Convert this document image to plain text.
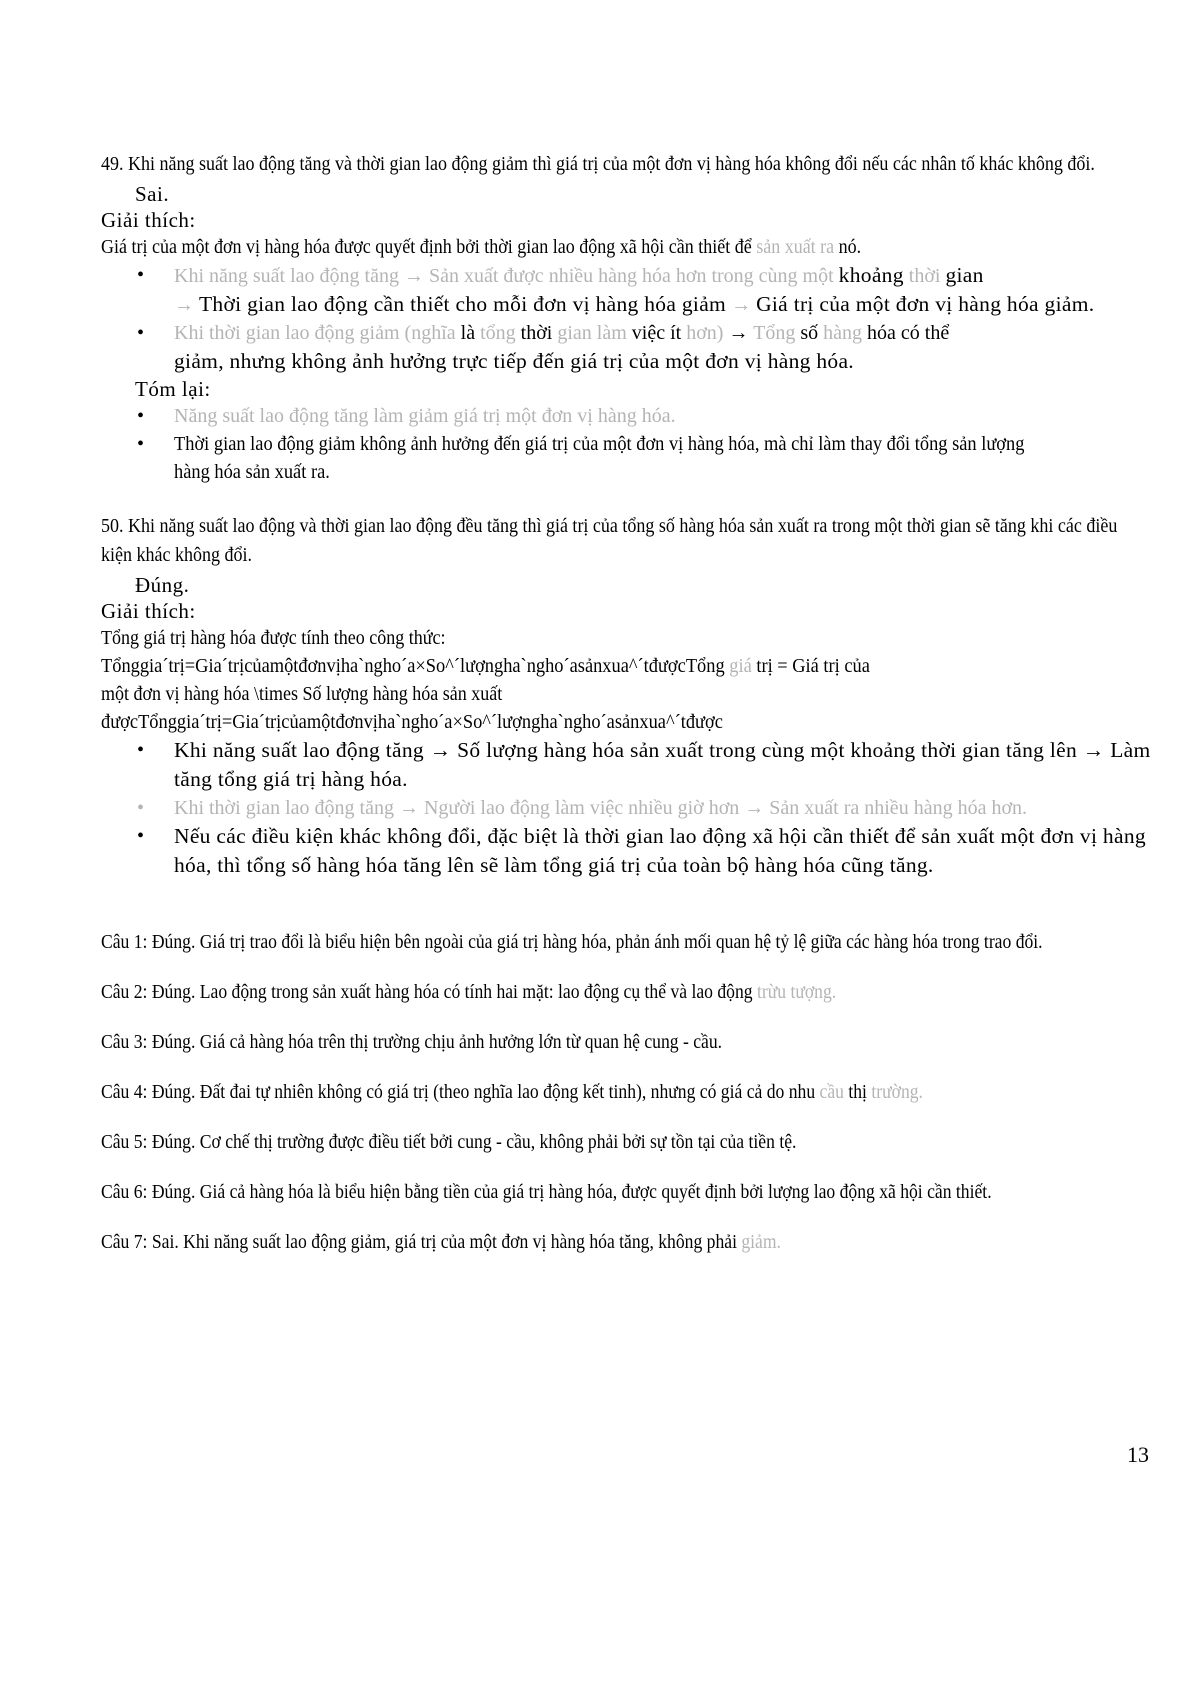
49. Khi năng suất lao động tăng và thời gian lao động giảm thì giá trị của một đơn vị hàng hóa không đổi nếu các nhân tố khác không đổi.

Sai.

Giải thích:

Giá trị của một đơn vị hàng hóa được quyết định bởi thời gian lao động xã hội cần thiết để sản xuất ra nó.

• Khi năng suất lao động tăng → Sản xuất được nhiều hàng hóa hơn trong cùng một khoảng thời gian
→ Thời gian lao động cần thiết cho mỗi đơn vị hàng hóa giảm → Giá trị của một đơn vị hàng hóa giảm.
• Khi thời gian lao động giảm (nghĩa là tổng thời gian làm việc ít hơn) → Tổng số hàng hóa có thể
giảm, nhưng không ảnh hưởng trực tiếp đến giá trị của một đơn vị hàng hóa.

Tóm lại:

• Năng suất lao động tăng làm giảm giá trị một đơn vị hàng hóa.
• Thời gian lao động giảm không ảnh hưởng đến giá trị của một đơn vị hàng hóa, mà chỉ làm thay đổi tổng sản lượng hàng hóa sản xuất ra.

50. Khi năng suất lao động và thời gian lao động đều tăng thì giá trị của tổng số hàng hóa sản xuất ra trong một thời gian sẽ tăng khi các điều kiện khác không đổi.

Đúng.

Giải thích:

Tổng giá trị hàng hóa được tính theo công thức:

Tổnggia´trị=Gia´trịcủamộtđơnvịha`ngho´a×So^´lượngha`ngho´asảnxua^´tđượcTổng giá trị = Giá trị của

một đơn vị hàng hóa \times Số lượng hàng hóa sản xuất

đượcTổnggia´trị=Gia´trịcủamộtđơnvịha`ngho´a×So^´lượngha`ngho´asảnxua^´tđược

• Khi năng suất lao động tăng → Số lượng hàng hóa sản xuất trong cùng một khoảng thời gian tăng lên → Làm tăng tổng giá trị hàng hóa.
• Khi thời gian lao động tăng → Người lao động làm việc nhiều giờ hơn → Sản xuất ra nhiều hàng hóa hơn.
• Nếu các điều kiện khác không đổi, đặc biệt là thời gian lao động xã hội cần thiết để sản xuất một đơn vị hàng hóa, thì tổng số hàng hóa tăng lên sẽ làm tổng giá trị của toàn bộ hàng hóa cũng tăng.

Câu 1: Đúng. Giá trị trao đổi là biểu hiện bên ngoài của giá trị hàng hóa, phản ánh mối quan hệ tỷ lệ giữa các hàng hóa trong trao đổi.

Câu 2: Đúng. Lao động trong sản xuất hàng hóa có tính hai mặt: lao động cụ thể và lao động trừu tượng.

Câu 3: Đúng. Giá cả hàng hóa trên thị trường chịu ảnh hưởng lớn từ quan hệ cung - cầu.

Câu 4: Đúng. Đất đai tự nhiên không có giá trị (theo nghĩa lao động kết tinh), nhưng có giá cả do nhu cầu thị trường.

Câu 5: Đúng. Cơ chế thị trường được điều tiết bởi cung - cầu, không phải bởi sự tồn tại của tiền tệ.

Câu 6: Đúng. Giá cả hàng hóa là biểu hiện bằng tiền của giá trị hàng hóa, được quyết định bởi lượng lao động xã hội cần thiết.

Câu 7: Sai. Khi năng suất lao động giảm, giá trị của một đơn vị hàng hóa tăng, không phải giảm.

13
